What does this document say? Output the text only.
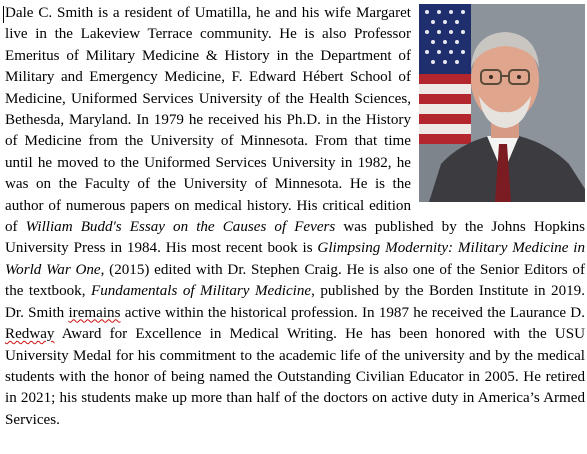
Dale C. Smith is a resident of Umatilla, he and his wife Margaret live in the Lakeview Terrace community. He is also Professor Emeritus of Military Medicine & History in the Department of Military and Emergency Medicine, F. Edward Hébert School of Medicine, Uniformed Services University of the Health Sciences, Bethesda, Maryland. In 1979 he received his Ph.D. in the History of Medicine from the University of Minnesota. From that time until he moved to the Uniformed Services University in 1982, he was on the Faculty of the University of Minnesota. He is the author of numerous papers on medical history. His critical edition of William Budd's Essay on the Causes of Fevers was published by the Johns Hopkins University Press in 1984. His most recent book is Glimpsing Modernity: Military Medicine in World War One, (2015) edited with Dr. Stephen Craig. He is also one of the Senior Editors of the textbook, Fundamentals of Military Medicine, published by the Borden Institute in 2019. Dr. Smith iremains active within the historical profession. In 1987 he received the Laurance D. Redway Award for Excellence in Medical Writing. He has been honored with the USU University Medal for his commitment to the academic life of the university and by the medical students with the honor of being named the Outstanding Civilian Educator in 2005. He retired in 2021; his students make up more than half of the doctors on active duty in America’s Armed Services.
